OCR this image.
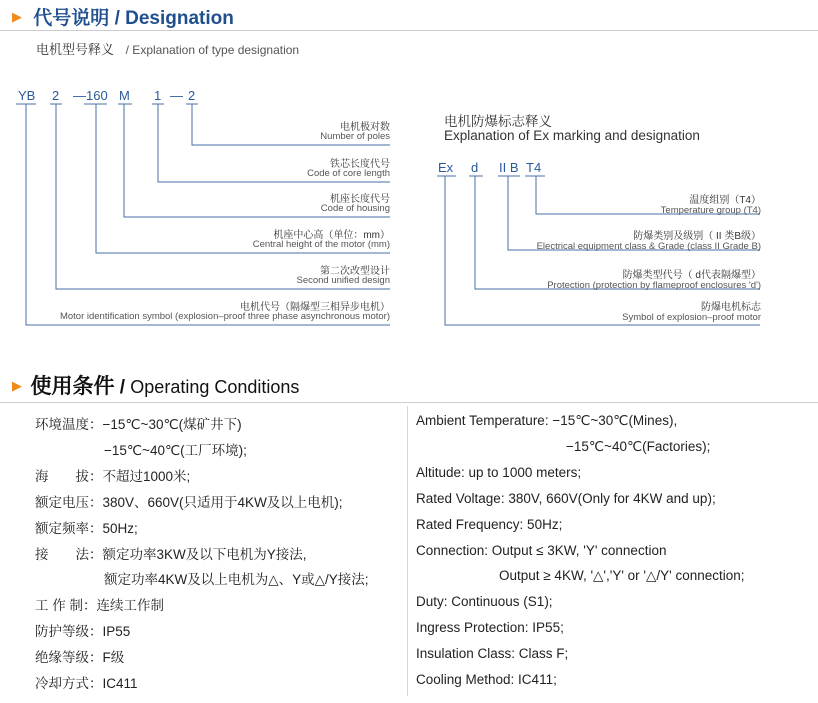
▶ 代号说明 / Designation
电机型号释义 / Explanation of type designation
YB 2 —160 M 1 — 2
电机极对数
Number of poles
铁芯长度代号
Code of core length
机座长度代号
Code of housing
机座中心高（单位：mm）
Central height of the motor (mm)
第二次改型设计
Second unified design
电机代号（隔爆型三相异步电机）
Motor identification symbol (explosion–proof three phase asynchronous motor)
电机防爆标志释义
Explanation of Ex marking and designation
Ex d II B T4
温度组别（T4）
Temperature group (T4)
防爆类别及级别（ II 类B级）
Electrical equipment class & Grade (class II Grade B)
防爆类型代号（ d代表隔爆型）
Protection (protection by flameproof enclosures 'd')
防爆电机标志
Symbol of explosion–proof motor
▶ 使用条件 / Operating Conditions
环境温度：−15℃~30℃(煤矿井下)
−15℃~40℃(工厂环境);
海　　拔：不超过1000米;
额定电压：380V、660V(只适用于4KW及以上电机);
额定频率：50Hz;
接　　法：额定功率3KW及以下电机为Y接法,
额定功率4KW及以上电机为△、Y或△/Y接法;
工 作 制：连续工作制
防护等级：IP55
绝缘等级：F级
冷却方式：IC411
Ambient Temperature: −15℃~30℃(Mines),
−15℃~40℃(Factories);
Altitude: up to 1000 meters;
Rated Voltage: 380V, 660V(Only for 4KW and up);
Rated Frequency: 50Hz;
Connection: Output ≤ 3KW, 'Y' connection
Output ≥ 4KW, '△','Y' or '△/Y' connection;
Duty: Continuous (S1);
Ingress Protection: IP55;
Insulation Class: Class F;
Cooling Method: IC411;
